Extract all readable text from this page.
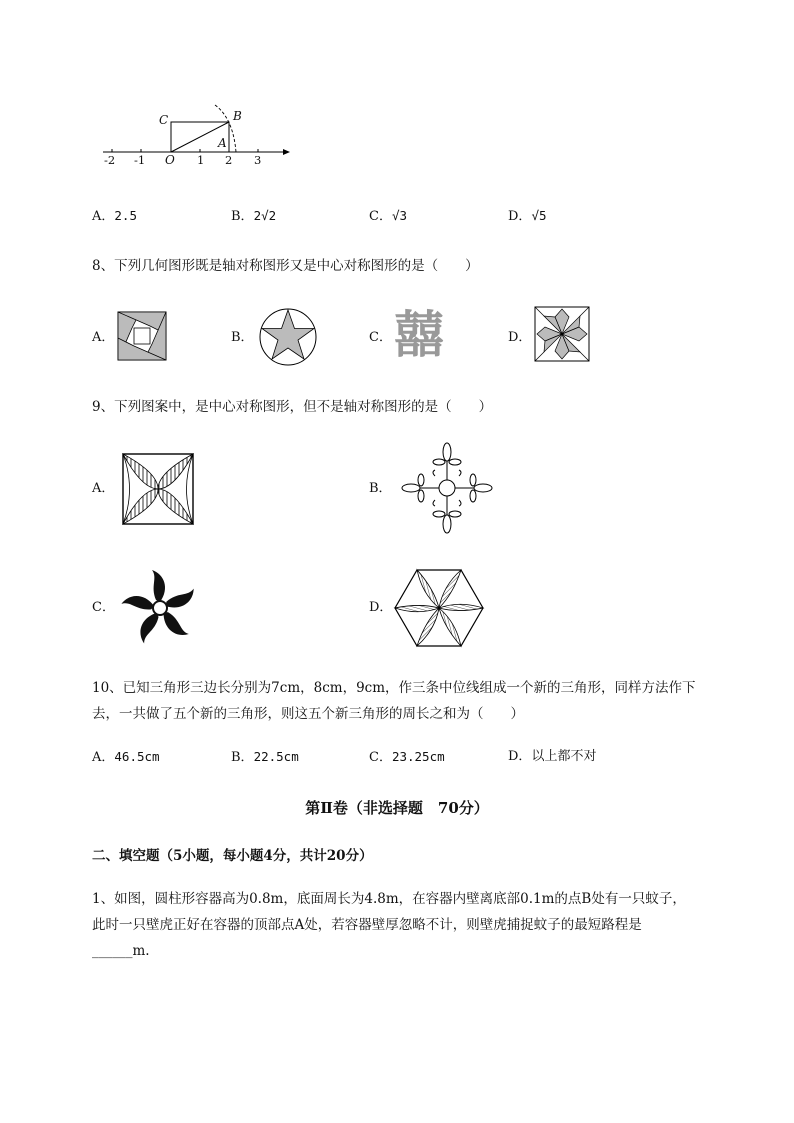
C	B
A
-2 -1 O 1 2 3
A．2.5	B．2√2	C．√3	D．√5
8、下列几何图形既是轴对称图形又是中心对称图形的是（　　）
A．	B．	C． 囍	D．
9、下列图案中，是中心对称图形，但不是轴对称图形的是（　　）
A．	B．
C．	D．
10、已知三角形三边长分别为7cm，8cm，9cm，作三条中位线组成一个新的三角形，同样方法作下
去，一共做了五个新的三角形，则这五个新三角形的周长之和为（　　）
A．46.5cm	B．22.5cm	C．23.25cm	D．以上都不对
第Ⅱ卷（非选择题　70分）
二、填空题（5小题，每小题4分，共计20分）
1、如图，圆柱形容器高为0.8m，底面周长为4.8m，在容器内壁离底部0.1m的点B处有一只蚊子，
此时一只壁虎正好在容器的顶部点A处，若容器壁厚忽略不计，则壁虎捕捉蚊子的最短路程是
______m.
